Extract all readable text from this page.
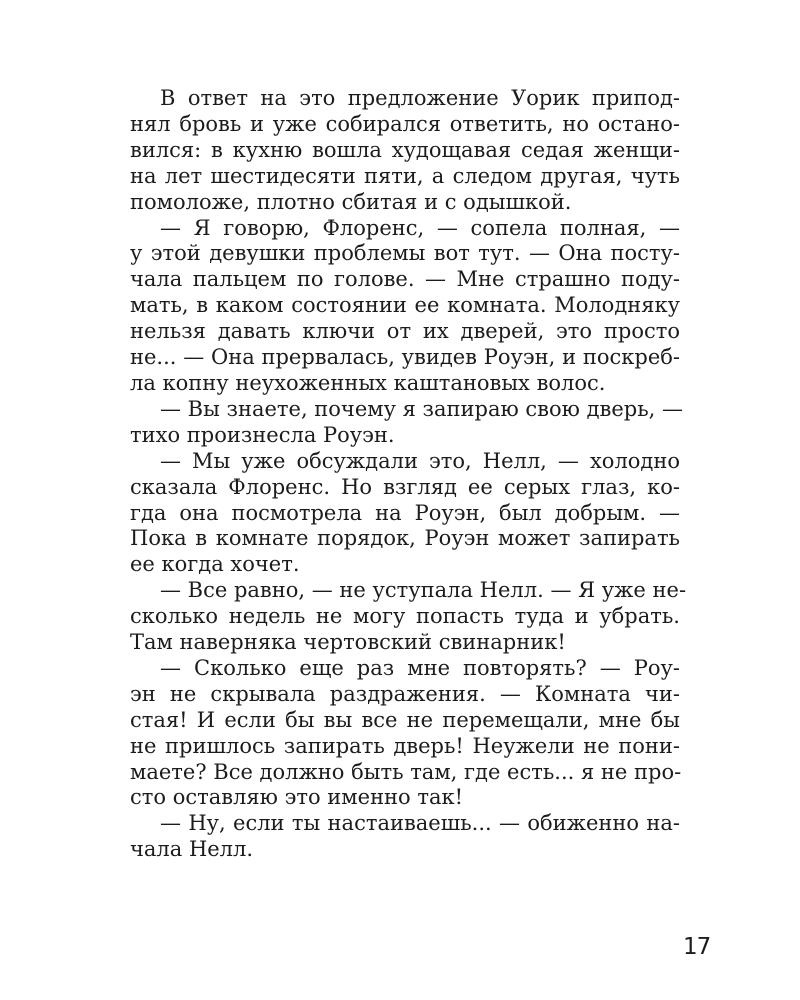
В ответ на это предложение Уорик припод-
нял бровь и уже собирался ответить, но останo-
вился: в кухню вошла худощавая седая женщи-
на лет шестидесяти пяти, а следом другая, чуть
помоложе, плотно сбитая и с одышкой.
— Я говорю, Флоренс, — сопела полная, —
у этой девушки проблемы вот тут. — Она посту-
чала пальцем по голове. — Мне страшно поду-
мать, в каком состоянии ее комната. Молодняку
нельзя давать ключи от их дверей, это просто
не... — Она прервалась, увидев Роуэн, и поскреб-
ла копну неухоженных каштановых волос.
— Вы знаете, почему я запираю свою дверь, —
тихо произнесла Роуэн.
— Мы уже обсуждали это, Нелл, — холодно
сказала Флоренс. Но взгляд ее серых глаз, ко-
гда она посмотрела на Роуэн, был добрым. —
Пока в комнате порядок, Роуэн может запирать
ее когда хочет.
— Все равно, — не уступала Нелл. — Я уже не-
сколько недель не могу попасть туда и убрать.
Там наверняка чертовский свинарник!
— Сколько еще раз мне повторять? — Роу-
эн не скрывала раздражения. — Комната чи-
стая! И если бы вы все не перемещали, мне бы
не пришлось запирать дверь! Неужели не пони-
маете? Все должно быть там, где есть... я не про-
сто оставляю это именно так!
— Ну, если ты настаиваешь... — обиженно на-
чала Нелл.
17
